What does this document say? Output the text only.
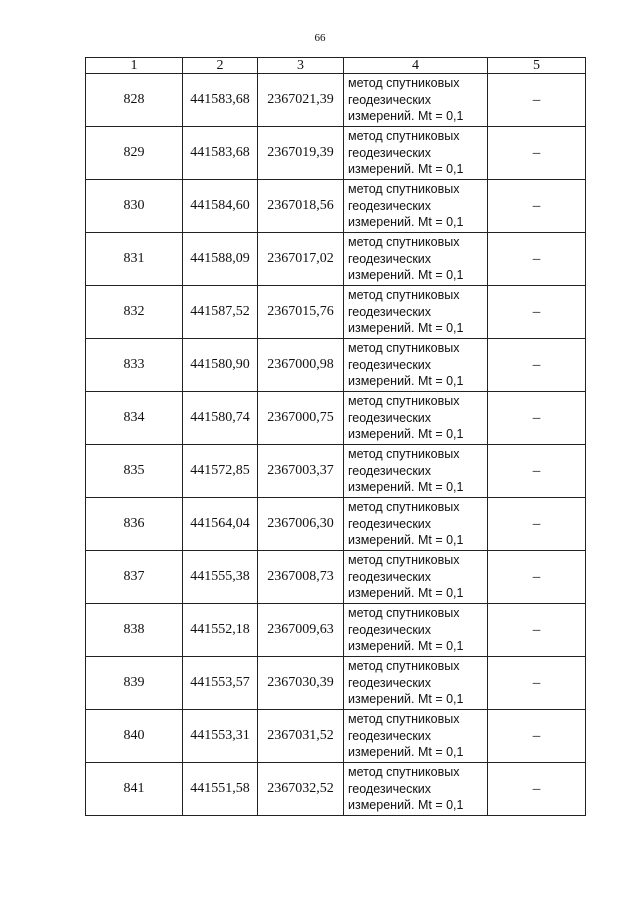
66
1	2	3	4	5
828	441583,68	2367021,39	метод спутниковых
геодезических
измерений. Mt = 0,1	–
829	441583,68	2367019,39	метод спутниковых
геодезических
измерений. Mt = 0,1	–
830	441584,60	2367018,56	метод спутниковых
геодезических
измерений. Mt = 0,1	–
831	441588,09	2367017,02	метод спутниковых
геодезических
измерений. Mt = 0,1	–
832	441587,52	2367015,76	метод спутниковых
геодезических
измерений. Mt = 0,1	–
833	441580,90	2367000,98	метод спутниковых
геодезических
измерений. Mt = 0,1	–
834	441580,74	2367000,75	метод спутниковых
геодезических
измерений. Mt = 0,1	–
835	441572,85	2367003,37	метод спутниковых
геодезических
измерений. Mt = 0,1	–
836	441564,04	2367006,30	метод спутниковых
геодезических
измерений. Mt = 0,1	–
837	441555,38	2367008,73	метод спутниковых
геодезических
измерений. Mt = 0,1	–
838	441552,18	2367009,63	метод спутниковых
геодезических
измерений. Mt = 0,1	–
839	441553,57	2367030,39	метод спутниковых
геодезических
измерений. Mt = 0,1	–
840	441553,31	2367031,52	метод спутниковых
геодезических
измерений. Mt = 0,1	–
841	441551,58	2367032,52	метод спутниковых
геодезических
измерений. Mt = 0,1	–
